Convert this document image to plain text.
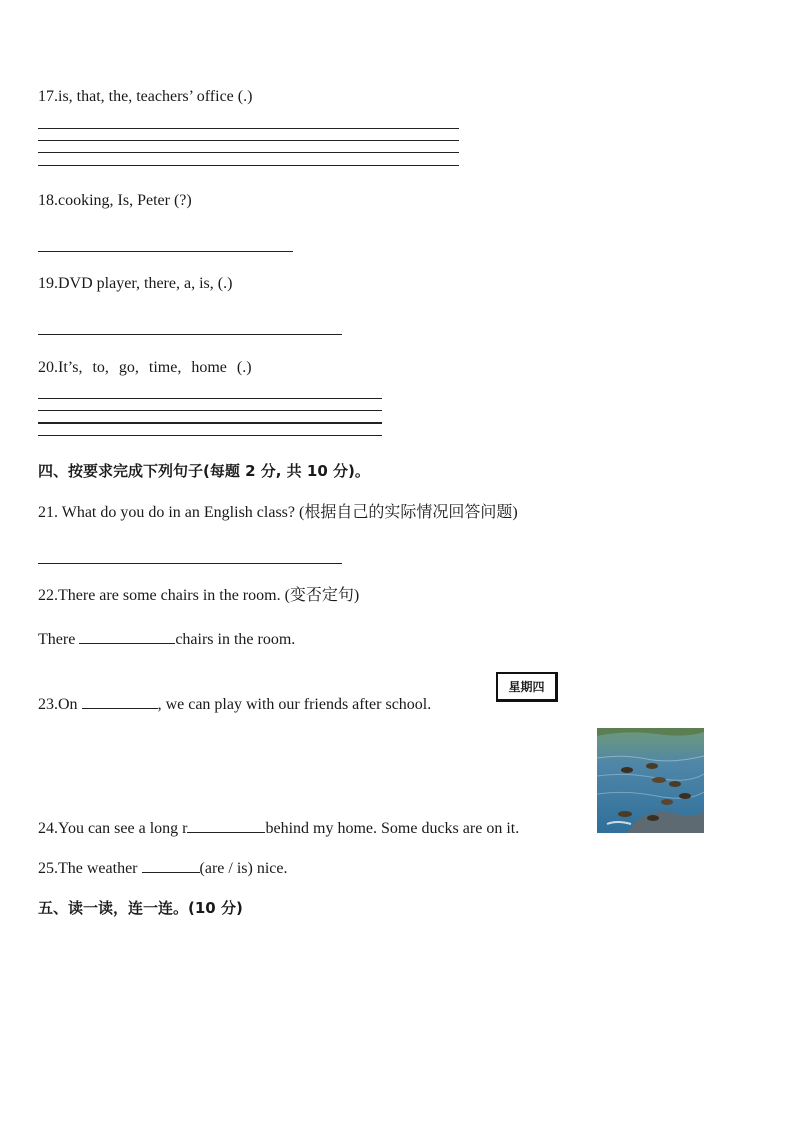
17.is, that, the, teachers’ office (.)
18.cooking, Is, Peter (?)
19.DVD player, there, a, is, (.)
20.It’s, to, go, time, home (.)
四、按要求完成下列句子(每题 2 分, 共 10 分)。
21. What do you do in an English class? (根据自己的实际情况回答问题)
22.There are some chairs in the room. (变否定句)
There	chairs in the room.
23.On	, we can play with our friends after school.
星期四
24.You can see a long r	behind my home. Some ducks are on it.
25.The weather	(are / is) nice.
五、读一读，连一连。(10 分)
